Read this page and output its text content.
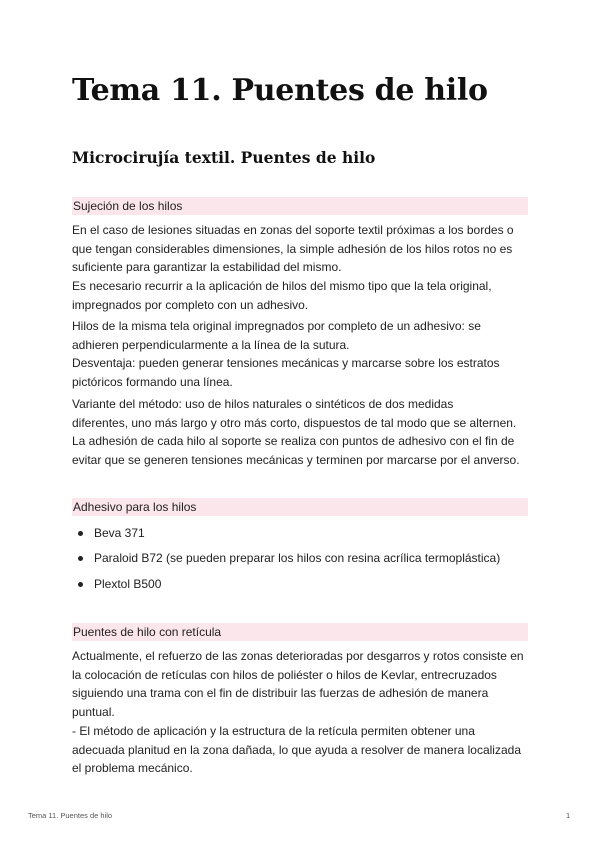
Tema 11. Puentes de hilo
Microcirujía textil. Puentes de hilo
Sujeción de los hilos

En el caso de lesiones situadas en zonas del soporte textil próximas a los bordes o
que tengan considerables dimensiones, la simple adhesión de los hilos rotos no es
suficiente para garantizar la estabilidad del mismo.
Es necesario recurrir a la aplicación de hilos del mismo tipo que la tela original,
impregnados por completo con un adhesivo.

Hilos de la misma tela original impregnados por completo de un adhesivo: se
adhieren perpendicularmente a la línea de la sutura.
Desventaja: pueden generar tensiones mecánicas y marcarse sobre los estratos
pictóricos formando una línea.

Variante del método: uso de hilos naturales o sintéticos de dos medidas
diferentes, uno más largo y otro más corto, dispuestos de tal modo que se alternen.
La adhesión de cada hilo al soporte se realiza con puntos de adhesivo con el fin de
evitar que se generen tensiones mecánicas y terminen por marcarse por el anverso.

Adhesivo para los hilos
Beva 371
Paraloid B72 (se pueden preparar los hilos con resina acrílica termoplástica)
Plextol B500
Puentes de hilo con retícula

Actualmente, el refuerzo de las zonas deterioradas por desgarros y rotos consiste en
la colocación de retículas con hilos de poliéster o hilos de Kevlar, entrecruzados
siguiendo una trama con el fin de distribuir las fuerzas de adhesión de manera
puntual.
- El método de aplicación y la estructura de la retícula permiten obtener una
adecuada planitud en la zona dañada, lo que ayuda a resolver de manera localizada
el problema mecánico.

Tema 11. Puentes de hilo	1
